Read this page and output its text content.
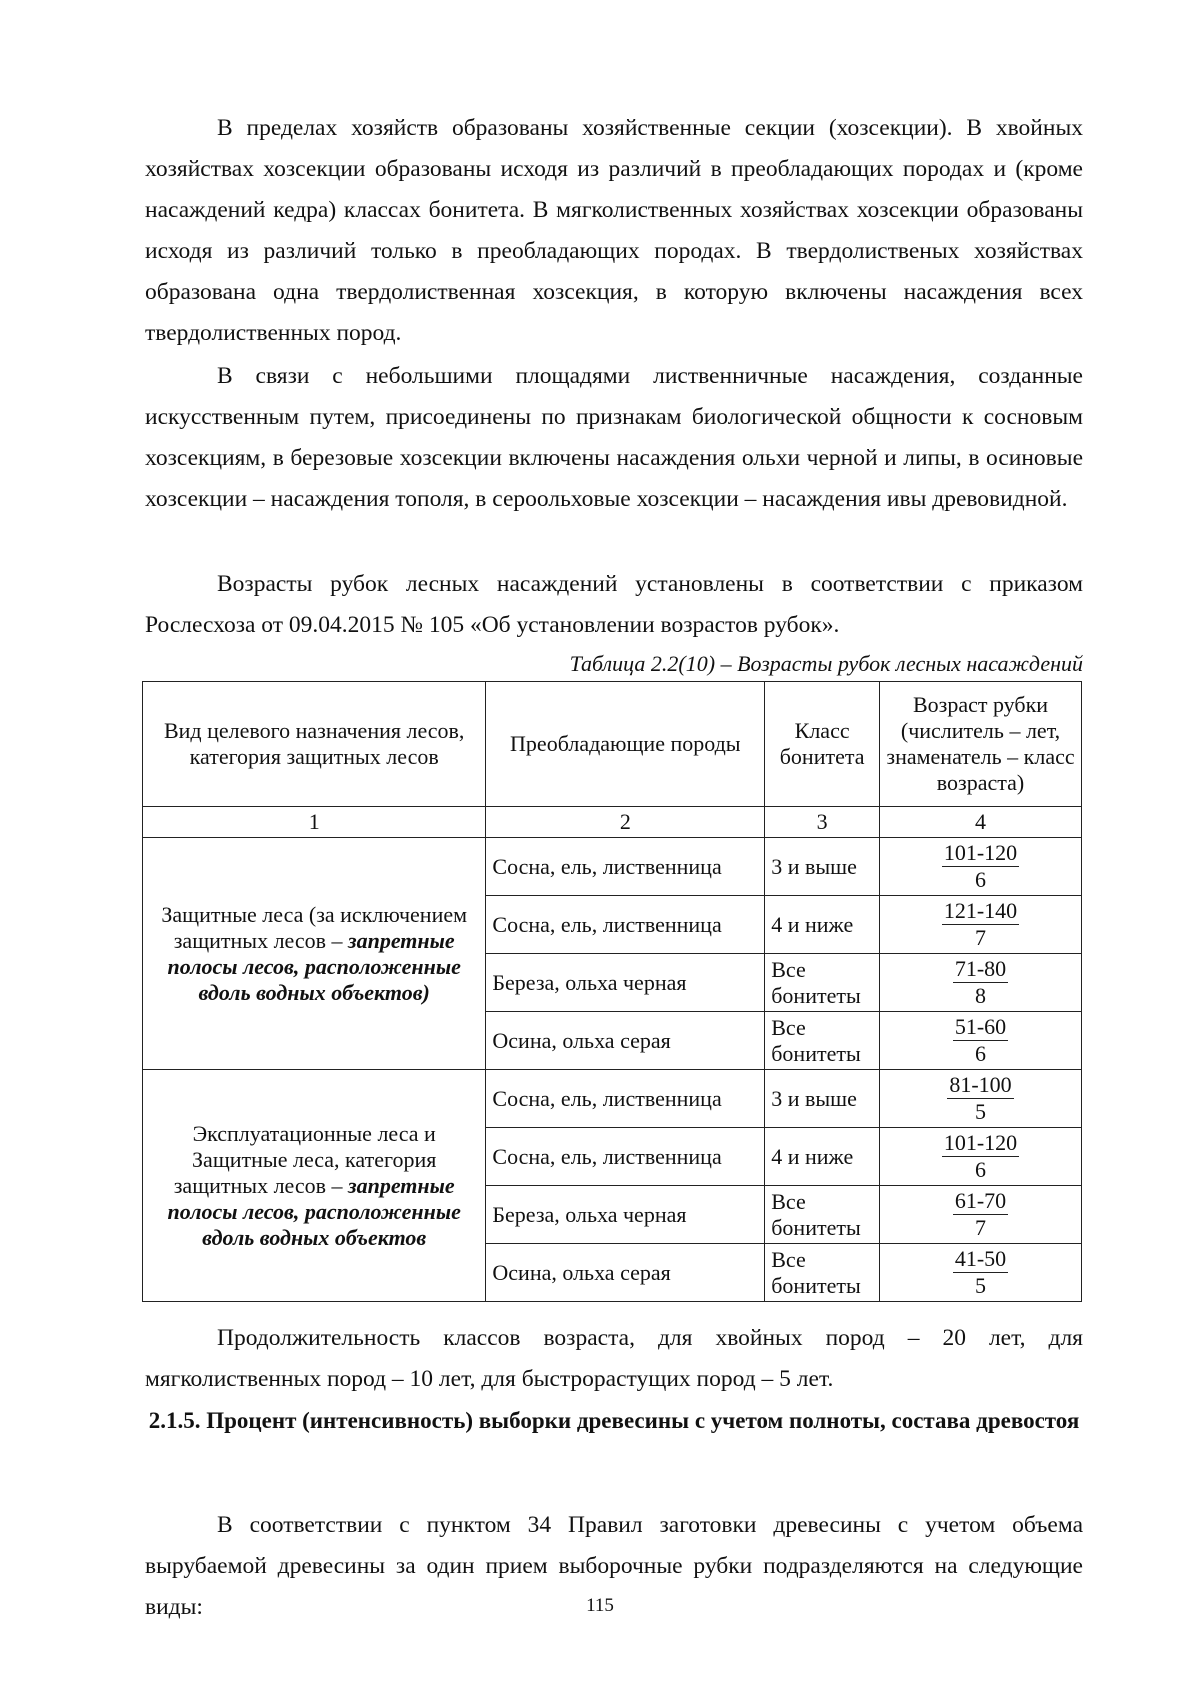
В пределах хозяйств образованы хозяйственные секции (хозсекции). В хвойных хозяйствах хозсекции образованы исходя из различий в преобладающих породах и (кроме насаждений кедра) классах бонитета. В мягколиственных хозяйствах хозсекции образованы исходя из различий только в преобладающих породах. В твердолиственых хозяйствах образована одна твердолиственная хозсекция, в которую включены насаждения всех твердолиственных пород.

В связи с небольшими площадями лиственничные насаждения, созданные искусственным путем, присоединены по признакам биологической общности к сосновым хозсекциям, в березовые хозсекции включены насаждения ольхи черной и липы, в осиновые хозсекции – насаждения тополя, в сероольховые хозсекции – насаждения ивы древовидной.

Возрасты рубок лесных насаждений установлены в соответствии с приказом Рослесхоза от 09.04.2015 № 105 «Об установлении возрастов рубок».

Таблица 2.2(10) – Возрасты рубок лесных насаждений
Вид целевого назначения лесов, категория защитных лесов	Преобладающие породы	Класс бонитета	Возраст рубки (числитель – лет, знаменатель – класс возраста)
1	2	3	4
Защитные леса (за исключением защитных лесов – запретные полосы лесов, расположенные вдоль водных объектов)	Сосна, ель, лиственница	3 и выше	$\frac{101-120}{6}$

	Сосна, ель, лиственница	4 и ниже	$\frac{121-140}{7}$

	Береза, ольха черная	Все бонитеты	$\frac{71-80}{8}$

	Осина, ольха серая	Все бонитеты	$\frac{51-60}{6}$

Эксплуатационные леса и Защитные леса, категория защитных лесов – запретные полосы лесов, расположенные вдоль водных объектов	Сосна, ель, лиственница	3 и выше	$\frac{81-100}{5}$

	Сосна, ель, лиственница	4 и ниже	$\frac{101-120}{6}$

	Береза, ольха черная	Все бонитеты	$\frac{61-70}{7}$

	Осина, ольха серая	Все бонитеты	$\frac{41-50}{5}$

Продолжительность классов возраста, для хвойных пород – 20 лет, для мягколиственных пород – 10 лет, для быстрорастущих пород – 5 лет.

2.1.5. Процент (интенсивность) выборки древесины с учетом полноты, состава древостоя

В соответствии с пунктом 34 Правил заготовки древесины с учетом объема вырубаемой древесины за один прием выборочные рубки подразделяются на следующие виды:	115
